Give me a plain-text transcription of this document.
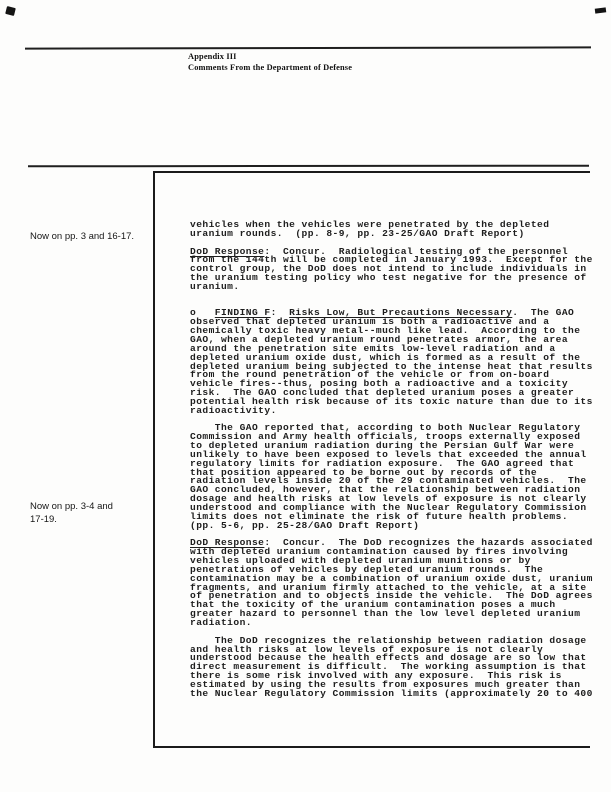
Appendix III
Comments From the Department of Defense
Now on pp. 3 and 16-17.
Now on pp. 3-4 and
17-19.
vehicles when the vehicles were penetrated by the depleted
uranium rounds.  (pp. 8-9, pp. 23-25/GAO Draft Report)

DoD Response:  Concur.  Radiological testing of the personnel
from the 144th will be completed in January 1993.  Except for the
control group, the DoD does not intend to include individuals in
the uranium testing policy who test negative for the presence of
uranium.

o   FINDING F:  Risks Low, But Precautions Necessary.  The GAO
observed that depleted uranium is both a radioactive and a
chemically toxic heavy metal--much like lead.  According to the
GAO, when a depleted uranium round penetrates armor, the area
around the penetration site emits low-level radiation and a
depleted uranium oxide dust, which is formed as a result of the
depleted uranium being subjected to the intense heat that results
from the round penetration of the vehicle or from on-board
vehicle fires--thus, posing both a radioactive and a toxicity
risk.  The GAO concluded that depleted uranium poses a greater
potential health risk because of its toxic nature than due to its
radioactivity.

The GAO reported that, according to both Nuclear Regulatory
Commission and Army health officials, troops externally exposed
to depleted uranium radiation during the Persian Gulf War were
unlikely to have been exposed to levels that exceeded the annual
regulatory limits for radiation exposure.  The GAO agreed that
that position appeared to be borne out by records of the
radiation levels inside 20 of the 29 contaminated vehicles.  The
GAO concluded, however, that the relationship between radiation
dosage and health risks at low levels of exposure is not clearly
understood and compliance with the Nuclear Regulatory Commission
limits does not eliminate the risk of future health problems.
(pp. 5-6, pp. 25-28/GAO Draft Report)

DoD Response:  Concur.  The DoD recognizes the hazards associated
with depleted uranium contamination caused by fires involving
vehicles uploaded with depleted uranium munitions or by
penetrations of vehicles by depleted uranium rounds.  The
contamination may be a combination of uranium oxide dust, uranium
fragments, and uranium firmly attached to the vehicle, at a site
of penetration and to objects inside the vehicle.  The DoD agrees
that the toxicity of the uranium contamination poses a much
greater hazard to personnel than the low level depleted uranium
radiation.

The DoD recognizes the relationship between radiation dosage
and health risks at low levels of exposure is not clearly
understood because the health effects and dosage are so low that
direct measurement is difficult.  The working assumption is that
there is some risk involved with any exposure.  This risk is
estimated by using the results from exposures much greater than
the Nuclear Regulatory Commission limits (approximately 20 to 400
